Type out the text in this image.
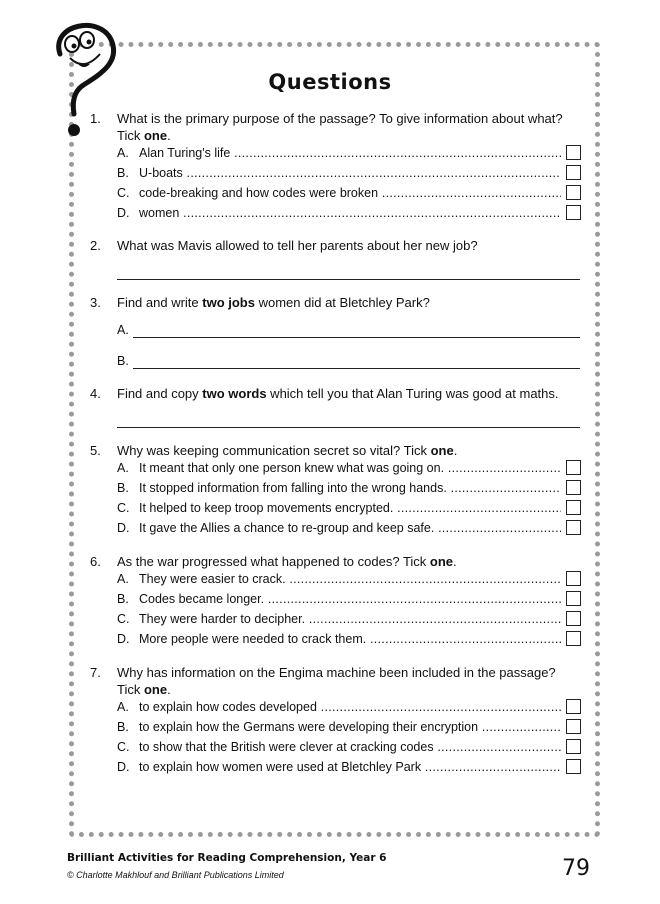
Questions
1. What is the primary purpose of the passage? To give information about what? Tick one.
A. Alan Turing's life .....
B. U-boats .....
C. code-breaking and how codes were broken .....
D. women .....
2. What was Mavis allowed to tell her parents about her new job?
3. Find and write two jobs women did at Bletchley Park?
A.
B.
4. Find and copy two words which tell you that Alan Turing was good at maths.
5. Why was keeping communication secret so vital? Tick one.
A. It meant that only one person knew what was going on. .....
B. It stopped information from falling into the wrong hands. .....
C. It helped to keep troop movements encrypted. .....
D. It gave the Allies a chance to re-group and keep safe. .....
6. As the war progressed what happened to codes? Tick one.
A. They were easier to crack. .....
B. Codes became longer. .....
C. They were harder to decipher. .....
D. More people were needed to crack them. .....
7. Why has information on the Engima machine been included in the passage? Tick one.
A. to explain how codes developed .....
B. to explain how the Germans were developing their encryption .....
C. to show that the British were clever at cracking codes .....
D. to explain how women were used at Bletchley Park .....
Brilliant Activities for Reading Comprehension, Year 6
© Charlotte Makhlouf and Brilliant Publications Limited	79
